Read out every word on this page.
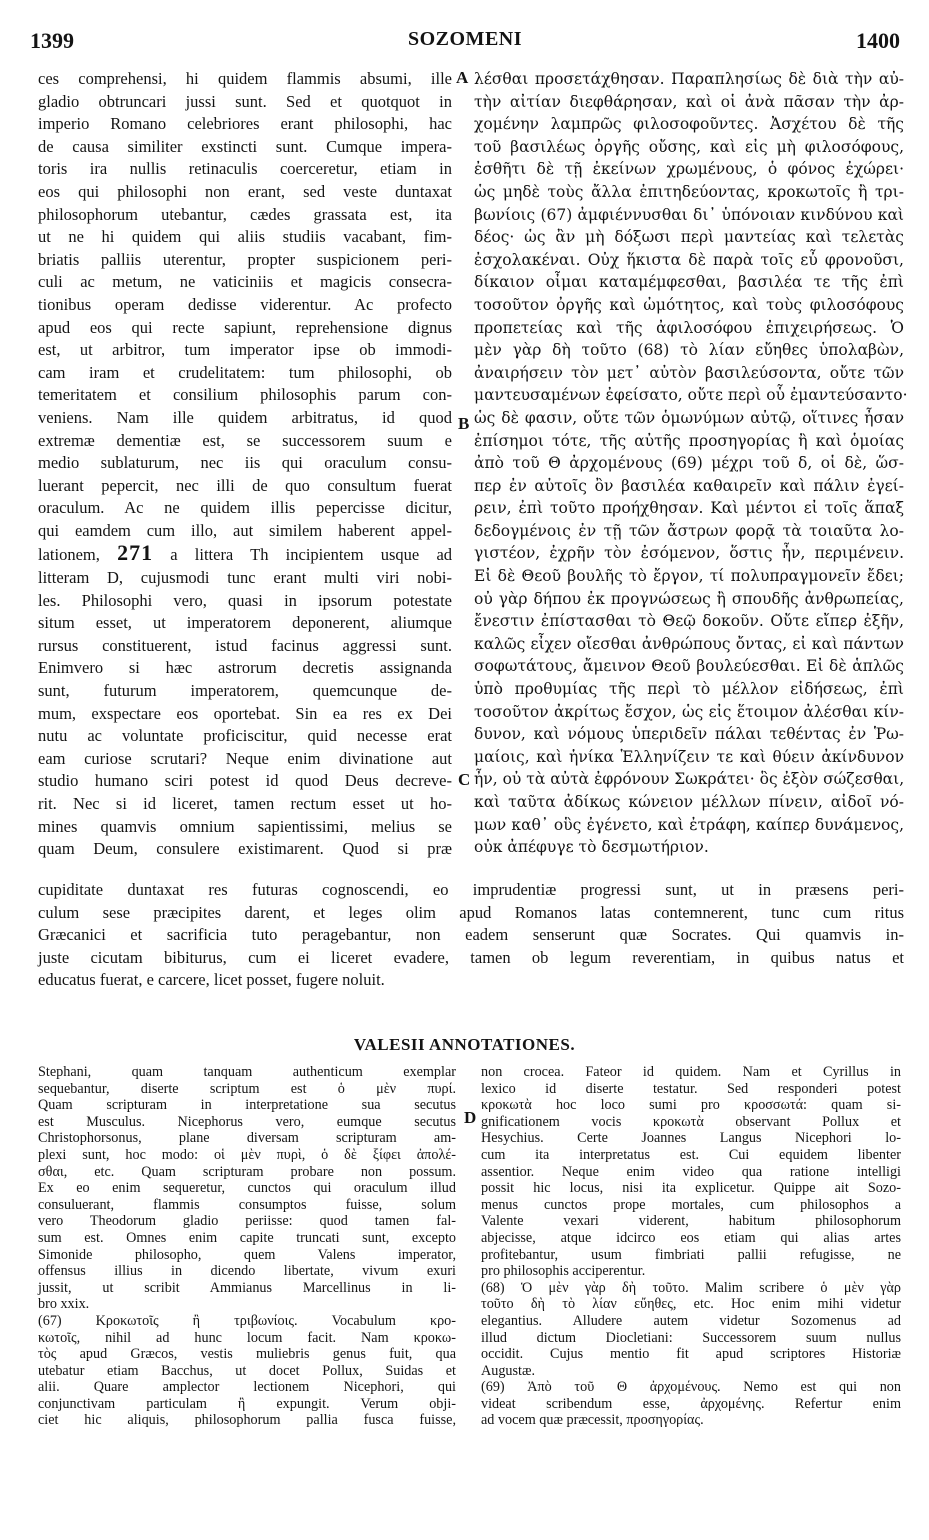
1399	SOZOMENI	1400
A
B
C
D
ces comprehensi, hi quidem flammis absumi, ille
gladio obtruncari jussi sunt. Sed et quotquot in
imperio Romano celebriores erant philosophi, hac
de causa similiter exstincti sunt. Cumque impera-
toris ira nullis retinaculis coerceretur, etiam in
eos qui philosophi non erant, sed veste duntaxat
philosophorum utebantur, cædes grassata est, ita
ut ne hi quidem qui aliis studiis vacabant, fim-
briatis palliis uterentur, propter suspicionem peri-
culi ac metum, ne vaticiniis et magicis consecra-
tionibus operam dedisse viderentur. Ac profecto
apud eos qui recte sapiunt, reprehensione dignus
est, ut arbitror, tum imperator ipse ob immodi-
cam iram et crudelitatem: tum philosophi, ob
temeritatem et consilium philosophis parum con-
veniens. Nam ille quidem arbitratus, id quod
extremæ dementiæ est, se successorem suum e
medio sublaturum, nec iis qui oraculum consu-
luerant pepercit, nec illi de quo consultum fuerat
oraculum. Ac ne quidem illis pepercisse dicitur,
qui eamdem cum illo, aut similem haberent appel-
lationem, 271 a littera Th incipientem usque ad
litteram D, cujusmodi tunc erant multi viri nobi-
les. Philosophi vero, quasi in ipsorum potestate
situm esset, ut imperatorem deponerent, aliumque
rursus constituerent, istud facinus aggressi sunt.
Enimvero si hæc astrorum decretis assignanda
sunt, futurum imperatorem, quemcunque de-
mum, exspectare eos oportebat. Sin ea res ex Dei
nutu ac voluntate proficiscitur, quid necesse erat
eam curiose scrutari? Neque enim divinatione aut
studio humano sciri potest id quod Deus decreve-
rit. Nec si id liceret, tamen rectum esset ut ho-
mines quamvis omnium sapientissimi, melius se
quam Deum, consulere existimarent. Quod si præ
λέσθαι προσετάχθησαν. Παραπλησίως δὲ διὰ τὴν αὐ-
τὴν αἰτίαν διεφθάρησαν, καὶ οἱ ἀνὰ πᾶσαν τὴν ἀρ-
χομένην λαμπρῶς φιλοσοφοῦντες. Ἀσχέτου δὲ τῆς
τοῦ βασιλέως ὀργῆς οὔσης, καὶ εἰς μὴ φιλοσόφους,
ἐσθῆτι δὲ τῇ ἐκείνων χρωμένους, ὁ φόνος ἐχώρει·
ὡς μηδὲ τοὺς ἄλλα ἐπιτηδεύοντας, κροκωτοῖς ἢ τρι-
βωνίοις (67) ἀμφιέννυσθαι δι᾽ ὑπόνοιαν κινδύνου καὶ
δέος· ὡς ἂν μὴ δόξωσι περὶ μαντείας καὶ τελετὰς
ἐσχολακέναι. Οὐχ ἥκιστα δὲ παρὰ τοῖς εὖ φρονοῦσι,
δίκαιον οἶμαι καταμέμφεσθαι, βασιλέα τε τῆς ἐπὶ
τοσοῦτον ὀργῆς καὶ ὠμότητος, καὶ τοὺς φιλοσόφους
προπετείας καὶ τῆς ἀφιλοσόφου ἐπιχειρήσεως. Ὁ
μὲν γὰρ δὴ τοῦτο (68) τὸ λίαν εὔηθες ὑπολαβὼν,
ἀναιρήσειν τὸν μετ᾽ αὐτὸν βασιλεύσοντα, οὔτε τῶν
μαντευσαμένων ἐφείσατο, οὔτε περὶ οὗ ἐμαντεύσαντο·
ὡς δὲ φασιν, οὔτε τῶν ὁμωνύμων αὐτῷ, οἵτινες ἦσαν
ἐπίσημοι τότε, τῆς αὐτῆς προσηγορίας ἢ καὶ ὁμοίας
ἀπὸ τοῦ Θ ἀρχομένους (69) μέχρι τοῦ δ, οἱ δὲ, ὥσ-
περ ἐν αὐτοῖς ὂν βασιλέα καθαιρεῖν καὶ πάλιν ἐγεί-
ρειν, ἐπὶ τοῦτο προήχθησαν. Καὶ μέντοι εἰ τοῖς ἅπαξ
δεδογμένοις ἐν τῇ τῶν ἄστρων φορᾷ τὰ τοιαῦτα λο-
γιστέον, ἐχρῆν τὸν ἐσόμενον, ὅστις ἦν, περιμένειν.
Εἰ δὲ Θεοῦ βουλῆς τὸ ἔργον, τί πολυπραγμονεῖν ἔδει;
οὐ γὰρ δήπου ἐκ προγνώσεως ἢ σπουδῆς ἀνθρωπείας,
ἔνεστιν ἐπίστασθαι τὸ Θεῷ δοκοῦν. Οὔτε εἴπερ ἐξῆν,
καλῶς εἶχεν οἴεσθαι ἀνθρώπους ὄντας, εἰ καὶ πάντων
σοφωτάτους, ἄμεινον Θεοῦ βουλεύεσθαι. Εἰ δὲ ἁπλῶς
ὑπὸ προθυμίας τῆς περὶ τὸ μέλλον εἰδήσεως, ἐπὶ
τοσοῦτον ἀκρίτως ἔσχον, ὡς εἰς ἕτοιμον ἀλέσθαι κίν-
δυνον, καὶ νόμους ὑπεριδεῖν πάλαι τεθέντας ἐν Ῥω-
μαίοις, καὶ ἡνίκα Ἑλληνίζειν τε καὶ θύειν ἀκίνδυνον
ἦν, οὐ τὰ αὐτὰ ἐφρόνουν Σωκράτει· ὃς ἐξὸν σώζεσθαι,
καὶ ταῦτα ἀδίκως κώνειον μέλλων πίνειν, αἰδοῖ νό-
μων καθ᾽ οὓς ἐγένετο, καὶ ἐτράφη, καίπερ δυνάμενος,
οὐκ ἀπέφυγε τὸ δεσμωτήριον.
cupiditate duntaxat res futuras cognoscendi, eo imprudentiæ progressi sunt, ut in præsens peri-
culum sese præcipites darent, et leges olim apud Romanos latas contemnerent, tunc cum ritus
Græcanici et sacrificia tuto peragebantur, non eadem senserunt quæ Socrates. Qui quamvis in-
juste cicutam bibiturus, cum ei liceret evadere, tamen ob legum reverentiam, in quibus natus et
educatus fuerat, e carcere, licet posset, fugere noluit.
VALESII ANNOTATIONES.
Stephani, quam tanquam authenticum exemplar
sequebantur, diserte scriptum est ὁ μὲν πυρί.
Quam scripturam in interpretatione sua secutus
est Musculus. Nicephorus vero, eumque secutus
Christophorsonus, plane diversam scripturam am-
plexi sunt, hoc modo: οἱ μὲν πυρὶ, ὁ δὲ ξίφει ἀπολέ-
σθαι, etc. Quam scripturam probare non possum.
Ex eo enim sequeretur, cunctos qui oraculum illud
consuluerant, flammis consumptos fuisse, solum
vero Theodorum gladio periisse: quod tamen fal-
sum est. Omnes enim capite truncati sunt, excepto
Simonide philosopho, quem Valens imperator,
offensus illius in dicendo libertate, vivum exuri
jussit, ut scribit Ammianus Marcellinus in li-
bro xxix.
(67) Κροκωτοῖς ἢ τριβωνίοις. Vocabulum κρο-
κωτοῖς, nihil ad hunc locum facit. Nam κροκω-
τὸς apud Græcos, vestis muliebris genus fuit, qua
utebatur etiam Bacchus, ut docet Pollux, Suidas et
alii. Quare amplector lectionem Nicephori, qui
conjunctivam particulam ἢ expungit. Verum obji-
ciet hic aliquis, philosophorum pallia fusca fuisse,
non crocea. Fateor id quidem. Nam et Cyrillus in
lexico id diserte testatur. Sed responderi potest
κροκωτὰ hoc loco sumi pro κροσσωτά: quam si-
gnificationem vocis κροκωτὰ observant Pollux et
Hesychius. Certe Joannes Langus Nicephori lo-
cum ita interpretatus est. Cui equidem libenter
assentior. Neque enim video qua ratione intelligi
possit hic locus, nisi ita explicetur. Quippe ait Sozo-
menus cunctos prope mortales, cum philosophos a
Valente vexari viderent, habitum philosophorum
abjecisse, atque idcirco eos etiam qui alias artes
profitebantur, usum fimbriati pallii refugisse, ne
pro philosophis acciperentur.
(68) Ὁ μὲν γὰρ δὴ τοῦτο. Malim scribere ὁ μὲν γὰρ
τοῦτο δὴ τὸ λίαν εὔηθες, etc. Hoc enim mihi videtur
elegantius. Alludere autem videtur Sozomenus ad
illud dictum Diocletiani: Successorem suum nullus
occidit. Cujus mentio fit apud scriptores Historiæ
Augustæ.
(69) Ἀπὸ τοῦ Θ ἀρχομένους. Nemo est qui non
videat scribendum esse, ἀρχομένης. Refertur enim
ad vocem quæ præcessit, προσηγορίας.
